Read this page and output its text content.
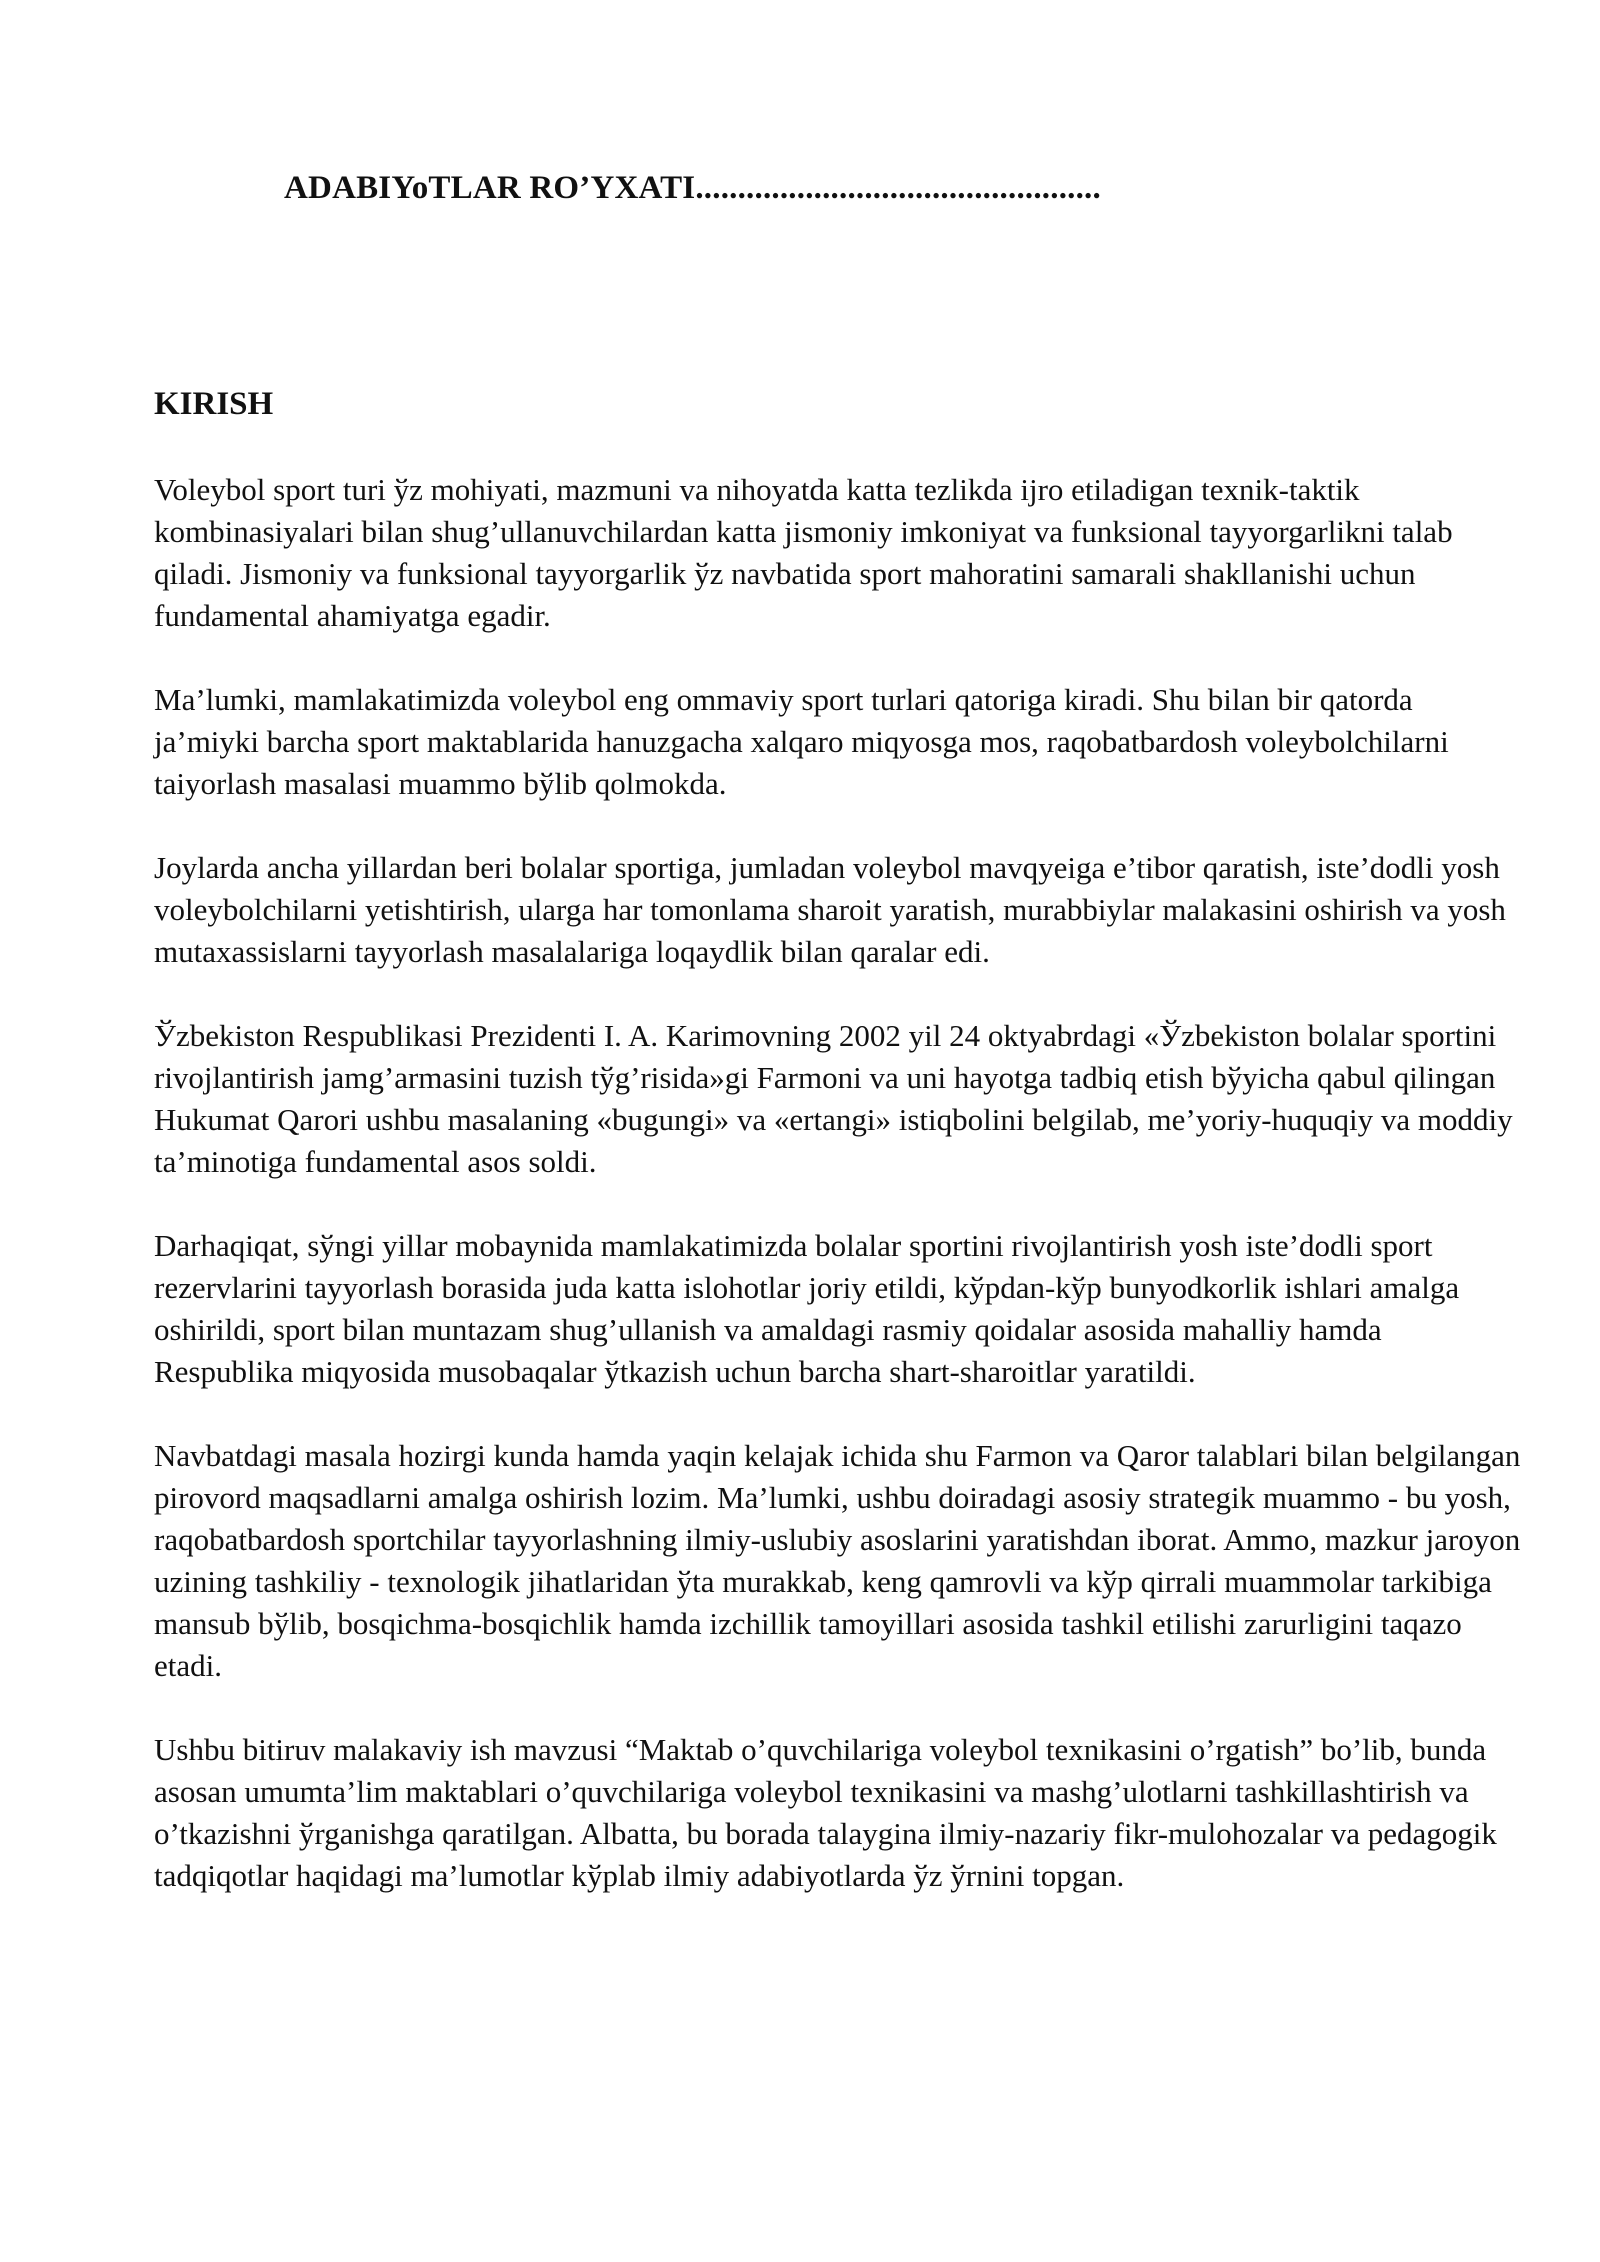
ADABIYoTLAR RO’YXATI................................................
KIRISH

Voleybol sport turi ўz mohiyati, mazmuni va nihoyatda katta tezlikda ijro etiladigan texnik-taktik kombinasiyalari bilan shug’ullanuvchilardan katta jismoniy imkoniyat va funksional tayyorgarlikni talab qiladi. Jismoniy va funksional tayyorgarlik ўz navbatida sport mahoratini samarali shakllanishi uchun fundamental ahamiyatga egadir.

Ma’lumki, mamlakatimizda voleybol eng ommaviy sport turlari qatoriga kiradi. Shu bilan bir qatorda ja’miyki barcha sport maktablarida hanuzgacha xalqaro miqyosga mos, raqobatbardosh voleybolchilarni taiyorlash masalasi muammo bўlib qolmokda.

Joylarda ancha yillardan beri bolalar sportiga, jumladan voleybol mavqyeiga e’tibor qaratish, iste’dodli yosh voleybolchilarni yetishtirish, ularga har tomonlama sharoit yaratish, murabbiylar malakasini oshirish va yosh mutaxassislarni tayyorlash masalalariga loqaydlik bilan qaralar edi.

Ўzbekiston Respublikasi Prezidenti I. A. Karimovning 2002 yil 24 oktyabrdagi «Ўzbekiston bolalar sportini rivojlantirish jamg’armasini tuzish tўg’risida»gi Farmoni va uni hayotga tadbiq etish bўyicha qabul qilingan Hukumat Qarori ushbu masalaning «bugungi» va «ertangi» istiqbolini belgilab, me’yoriy-huquqiy va moddiy ta’minotiga fundamental asos soldi.

Darhaqiqat, sўngi yillar mobaynida mamlakatimizda bolalar sportini rivojlantirish yosh iste’dodli sport rezervlarini tayyorlash borasida juda katta islohotlar joriy etildi, kўpdan-kўp bunyodkorlik ishlari amalga oshirildi, sport bilan muntazam shug’ullanish va amaldagi rasmiy qoidalar asosida mahalliy hamda Respublika miqyosida musobaqalar ўtkazish uchun barcha shart-sharoitlar yaratildi.

Navbatdagi masala hozirgi kunda hamda yaqin kelajak ichida shu Farmon va Qaror talablari bilan belgilangan pirovord maqsadlarni amalga oshirish lozim. Ma’lumki, ushbu doiradagi asosiy strategik muammo - bu yosh, raqobatbardosh sportchilar tayyorlashning ilmiy-uslubiy asoslarini yaratishdan iborat. Ammo, mazkur jaroyon uzining tashkiliy - texnologik jihatlaridan ўta murakkab, keng qamrovli va kўp qirrali muammolar tarkibiga mansub bўlib, bosqichma-bosqichlik hamda izchillik tamoyillari asosida tashkil etilishi zarurligini taqazo etadi.

Ushbu bitiruv malakaviy ish mavzusi “Maktab o’quvchilariga voleybol texnikasini o’rgatish” bo’lib, bunda asosan umumta’lim maktablari o’quvchilariga voleybol texnikasini va mashg’ulotlarni tashkillashtirish va o’tkazishni ўrganishga qaratilgan. Albatta, bu borada talaygina ilmiy-nazariy fikr-mulohozalar va pedagogik tadqiqotlar haqidagi ma’lumotlar kўplab ilmiy adabiyotlarda ўz ўrnini topgan.
